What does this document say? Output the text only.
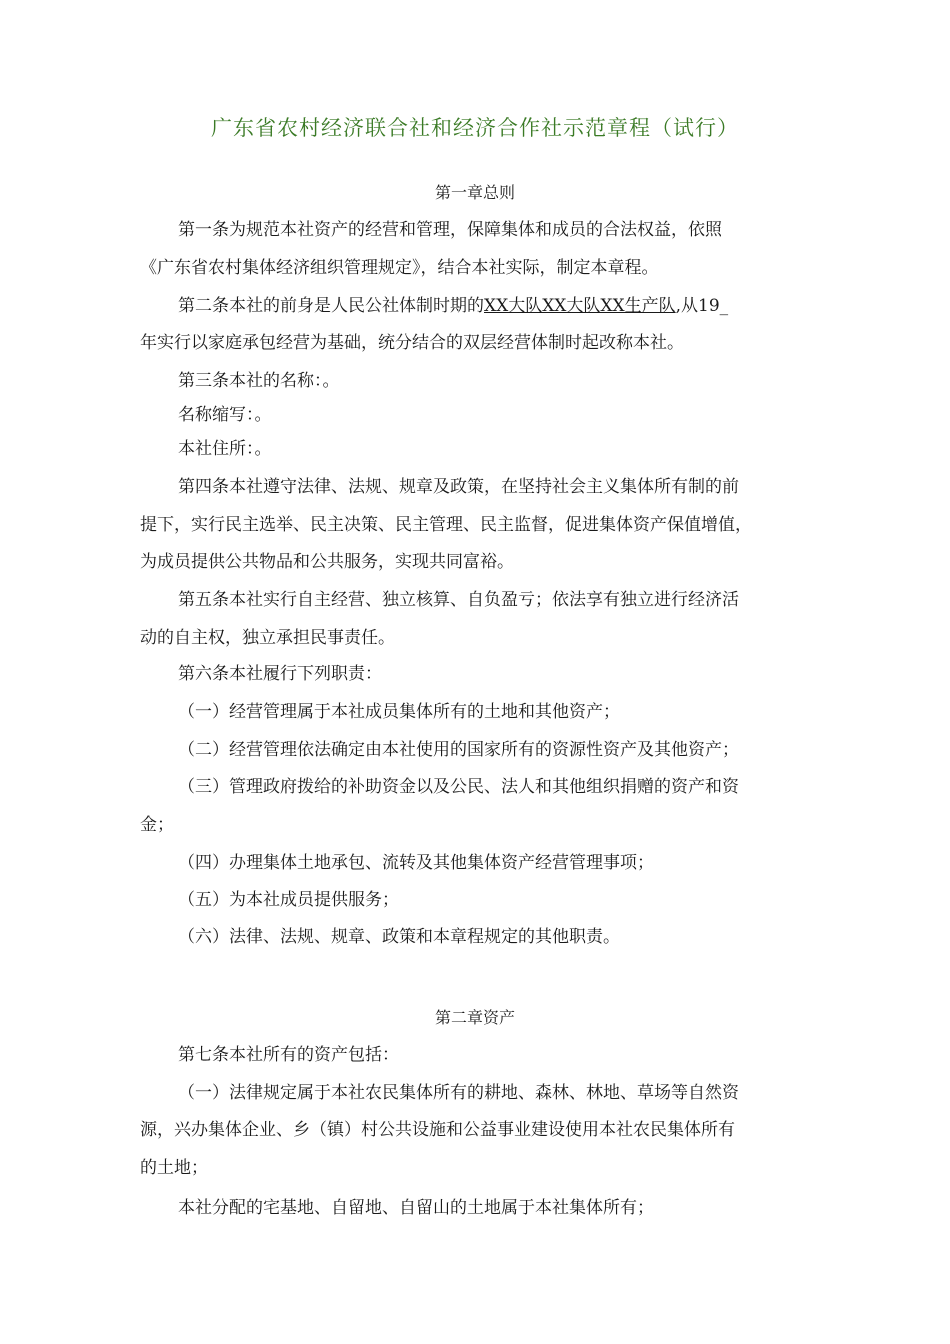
广东省农村经济联合社和经济合作社示范章程（试行）
第一章总则
第一条为规范本社资产的经营和管理，保障集体和成员的合法权益，依照
《广东省农村集体经济组织管理规定》，结合本社实际，制定本章程。
第二条本社的前身是人民公社体制时期的XX大队XX大队XX生产队,从19_
年实行以家庭承包经营为基础，统分结合的双层经营体制时起改称本社。
第三条本社的名称：。
名称缩写：。
本社住所：。
第四条本社遵守法律、法规、规章及政策，在坚持社会主义集体所有制的前
提下，实行民主选举、民主决策、民主管理、民主监督，促进集体资产保值增值，
为成员提供公共物品和公共服务，实现共同富裕。
第五条本社实行自主经营、独立核算、自负盈亏；依法享有独立进行经济活
动的自主权，独立承担民事责任。
第六条本社履行下列职责：
（一）经营管理属于本社成员集体所有的土地和其他资产；
（二）经营管理依法确定由本社使用的国家所有的资源性资产及其他资产；
（三）管理政府拨给的补助资金以及公民、法人和其他组织捐赠的资产和资
金；
（四）办理集体土地承包、流转及其他集体资产经营管理事项；
（五）为本社成员提供服务；
（六）法律、法规、规章、政策和本章程规定的其他职责。
第二章资产
第七条本社所有的资产包括：
（一）法律规定属于本社农民集体所有的耕地、森林、林地、草场等自然资
源，兴办集体企业、乡（镇）村公共设施和公益事业建设使用本社农民集体所有
的土地；
本社分配的宅基地、自留地、自留山的土地属于本社集体所有；
